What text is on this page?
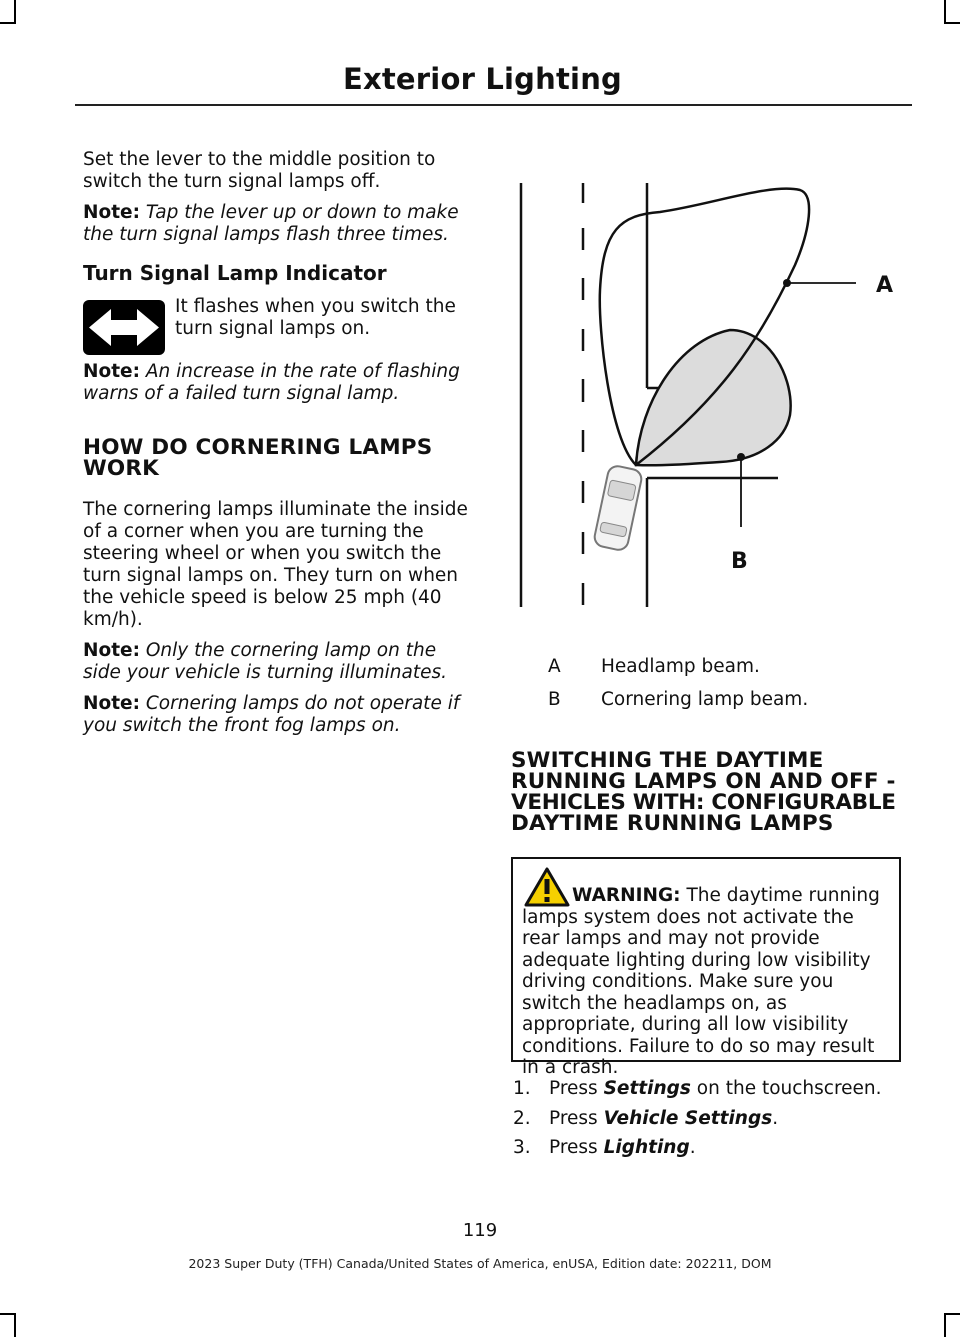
Exterior Lighting

Set the lever to the middle position to switch the turn signal lamps off.

Note: Tap the lever up or down to make the turn signal lamps flash three times.

Turn Signal Lamp Indicator

It flashes when you switch the turn signal lamps on.

Note: An increase in the rate of flashing warns of a failed turn signal lamp.

HOW DO CORNERING LAMPS WORK

The cornering lamps illuminate the inside of a corner when you are turning the steering wheel or when you switch the turn signal lamps on. They turn on when the vehicle speed is below 25 mph (40 km/h).

Note: Only the cornering lamp on the side your vehicle is turning illuminates.

Note: Cornering lamps do not operate if you switch the front fog lamps on.

A
B
A Headlamp beam.
B Cornering lamp beam.
SWITCHING THE DAYTIME
RUNNING LAMPS ON AND OFF -
VEHICLES WITH: CONFIGURABLE
DAYTIME RUNNING LAMPS
WARNING: The daytime running lamps system does not activate the rear lamps and may not provide adequate lighting during low visibility driving conditions. Make sure you switch the headlamps on, as appropriate, during all low visibility conditions. Failure to do so may result in a crash.
1. Press Settings on the touchscreen.
2. Press Vehicle Settings.
3. Press Lighting.
119
2023 Super Duty (TFH) Canada/United States of America, enUSA, Edition date: 202211, DOM
